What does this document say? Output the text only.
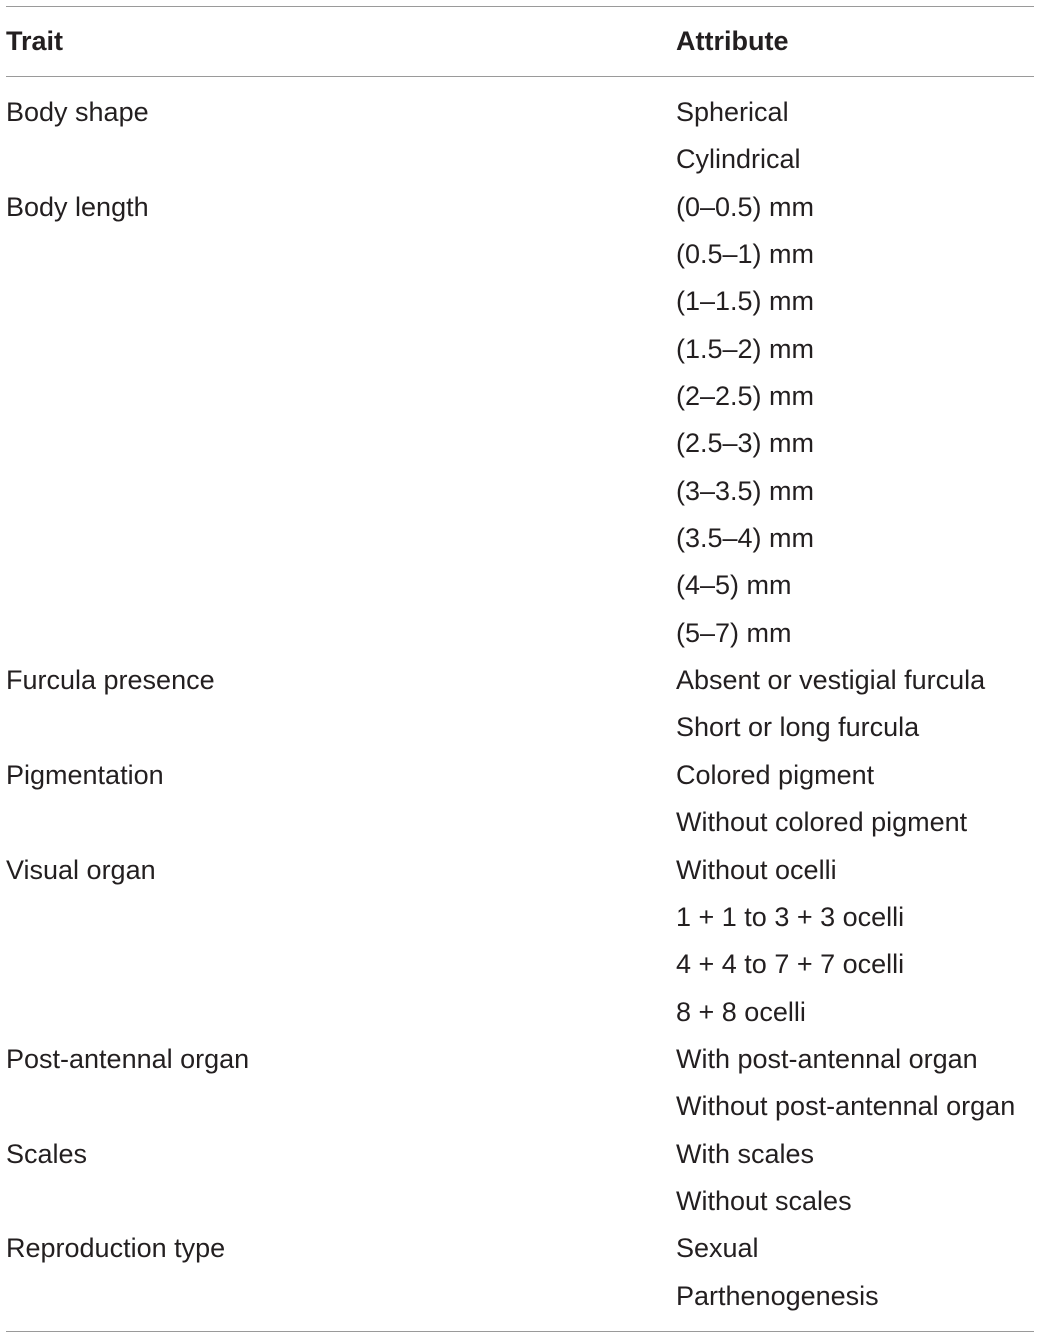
Trait	Attribute
Body shape	Spherical
Cylindrical
Body length	(0–0.5) mm
(0.5–1) mm
(1–1.5) mm
(1.5–2) mm
(2–2.5) mm
(2.5–3) mm
(3–3.5) mm
(3.5–4) mm
(4–5) mm
(5–7) mm
Furcula presence	Absent or vestigial furcula
Short or long furcula
Pigmentation	Colored pigment
Without colored pigment
Visual organ	Without ocelli
1 + 1 to 3 + 3 ocelli
4 + 4 to 7 + 7 ocelli
8 + 8 ocelli
Post-antennal organ	With post-antennal organ
Without post-antennal organ
Scales	With scales
Without scales
Reproduction type	Sexual
Parthenogenesis
